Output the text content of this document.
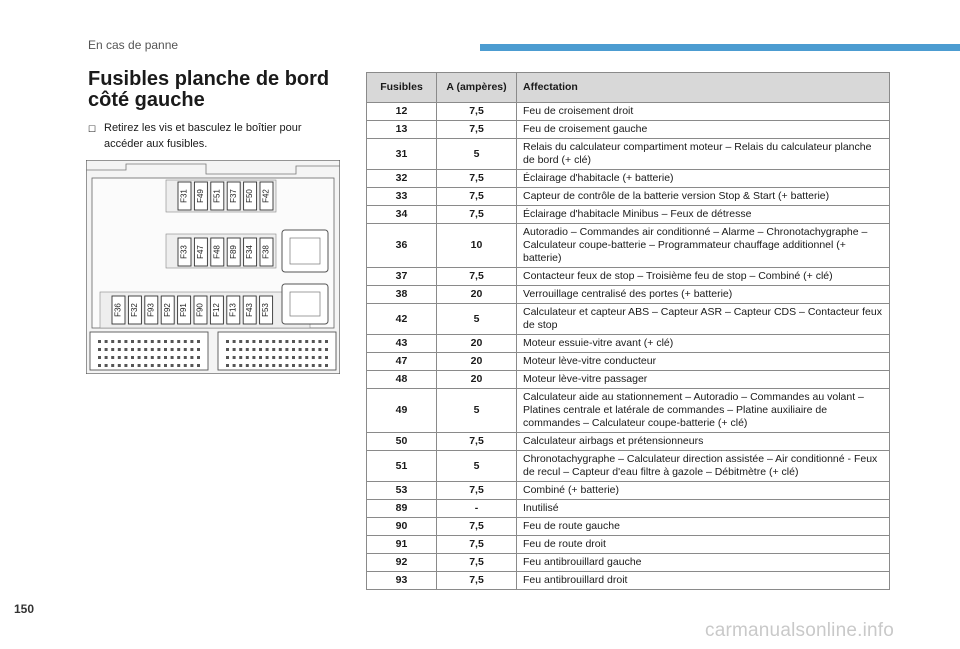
En cas de panne
Fusibles planche de bord côté gauche
☐ Retirez les vis et basculez le boîtier pour accéder aux fusibles.
F31 F49 F51 F37 F50 F42
F33 F47 F48 F89 F34 F38
F36 F32 F93 F92 F91 F90 F12 F13 F43 F53
Fusibles	A (ampères)	Affectation
12	7,5	Feu de croisement droit
13	7,5	Feu de croisement gauche
31	5	Relais du calculateur compartiment moteur – Relais du calculateur planche de bord (+ clé)
32	7,5	Éclairage d'habitacle (+ batterie)
33	7,5	Capteur de contrôle de la batterie version Stop & Start (+ batterie)
34	7,5	Éclairage d'habitacle Minibus – Feux de détresse
36	10	Autoradio – Commandes air conditionné – Alarme – Chronotachygraphe – Calculateur coupe-batterie – Programmateur chauffage additionnel (+ batterie)
37	7,5	Contacteur feux de stop – Troisième feu de stop – Combiné (+ clé)
38	20	Verrouillage centralisé des portes (+ batterie)
42	5	Calculateur et capteur ABS – Capteur ASR – Capteur CDS – Contacteur feux de stop
43	20	Moteur essuie-vitre avant (+ clé)
47	20	Moteur lève-vitre conducteur
48	20	Moteur lève-vitre passager
49	5	Calculateur aide au stationnement – Autoradio – Commandes au volant – Platines centrale et latérale de commandes – Platine auxiliaire de commandes – Calculateur coupe-batterie (+ clé)
50	7,5	Calculateur airbags et prétensionneurs
51	5	Chronotachygraphe – Calculateur direction assistée – Air conditionné - Feux de recul – Capteur d'eau filtre à gazole – Débitmètre (+ clé)
53	7,5	Combiné (+ batterie)
89	-	Inutilisé
90	7,5	Feu de route gauche
91	7,5	Feu de route droit
92	7,5	Feu antibrouillard gauche
93	7,5	Feu antibrouillard droit
150
carmanualsonline.info
